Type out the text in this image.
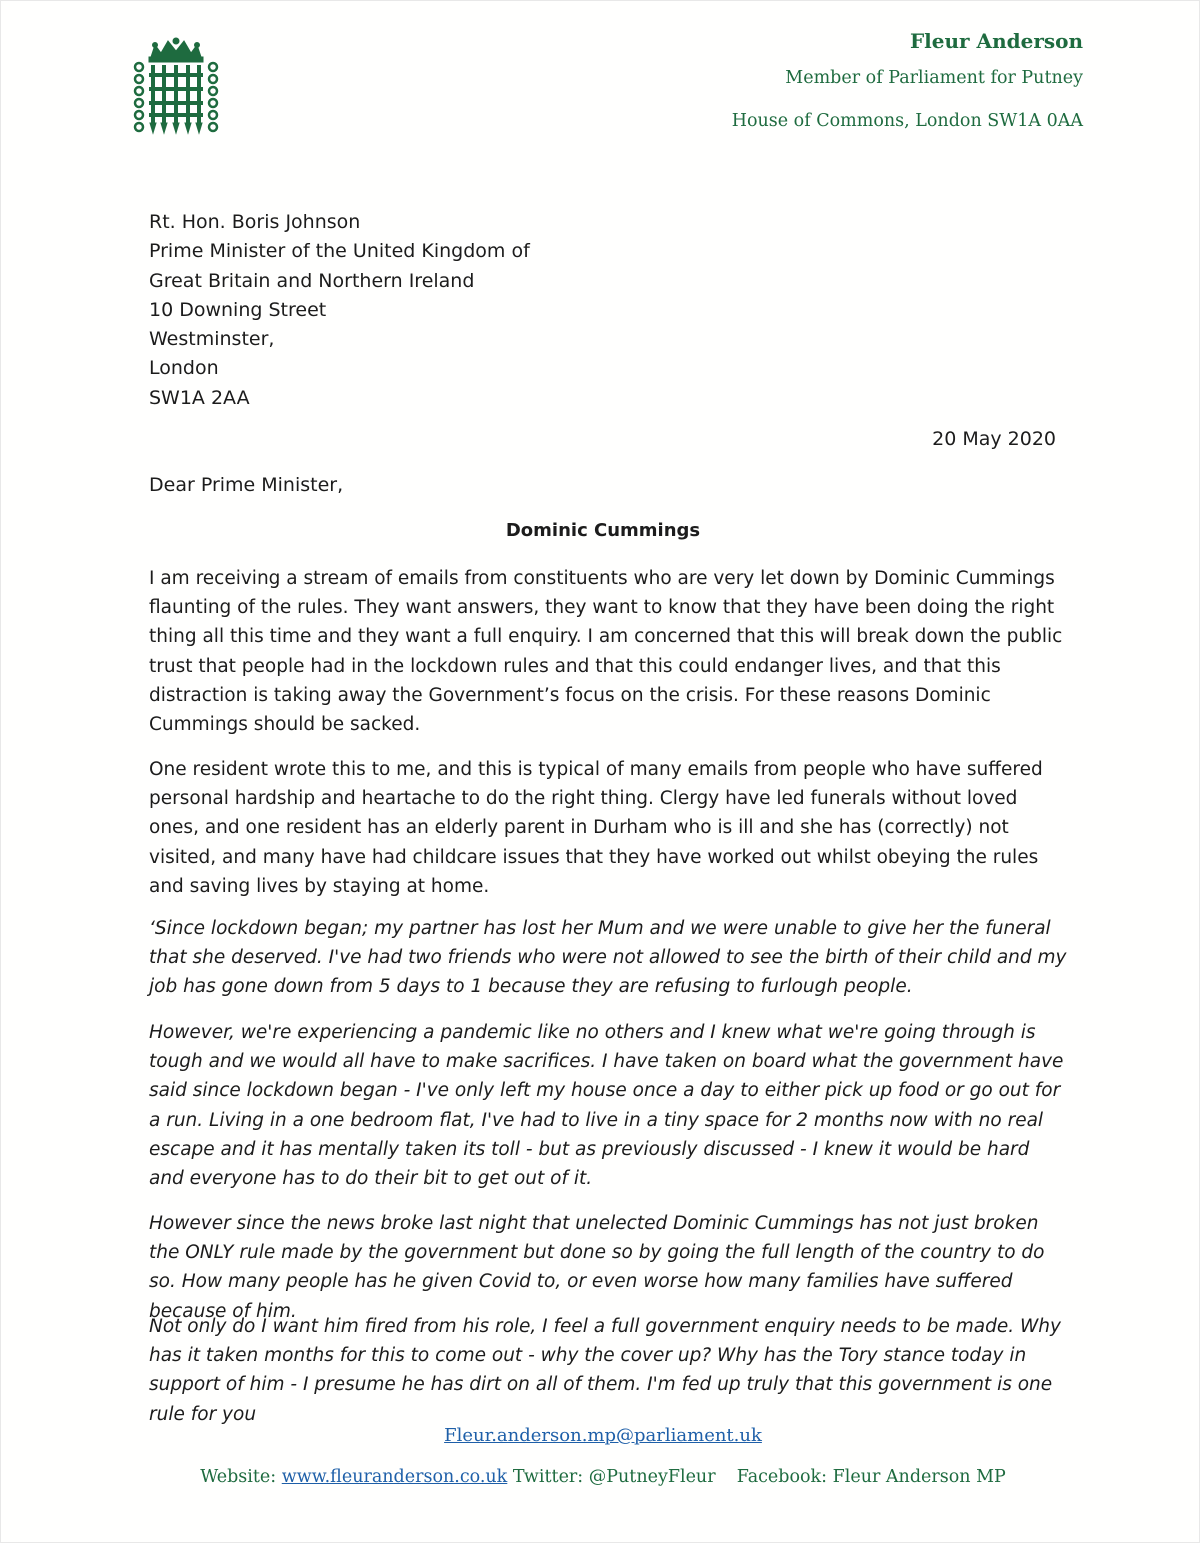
Fleur Anderson
Member of Parliament for Putney
House of Commons, London SW1A 0AA
Rt. Hon. Boris Johnson
Prime Minister of the United Kingdom of
Great Britain and Northern Ireland
10 Downing Street
Westminster,
London
SW1A 2AA
20 May 2020
Dear Prime Minister,
Dominic Cummings

I am receiving a stream of emails from constituents who are very let down by Dominic Cummings flaunting of the rules. They want answers, they want to know that they have been doing the right thing all this time and they want a full enquiry. I am concerned that this will break down the public trust that people had in the lockdown rules and that this could endanger lives, and that this distraction is taking away the Government’s focus on the crisis. For these reasons Dominic Cummings should be sacked.

One resident wrote this to me, and this is typical of many emails from people who have suffered personal hardship and heartache to do the right thing. Clergy have led funerals without loved ones, and one resident has an elderly parent in Durham who is ill and she has (correctly) not visited, and many have had childcare issues that they have worked out whilst obeying the rules and saving lives by staying at home.

‘Since lockdown began; my partner has lost her Mum and we were unable to give her the funeral that she deserved. I've had two friends who were not allowed to see the birth of their child and my job has gone down from 5 days to 1 because they are refusing to furlough people.

However, we're experiencing a pandemic like no others and I knew what we're going through is tough and we would all have to make sacrifices. I have taken on board what the government have said since lockdown began - I've only left my house once a day to either pick up food or go out for a run. Living in a one bedroom flat, I've had to live in a tiny space for 2 months now with no real escape and it has mentally taken its toll - but as previously discussed - I knew it would be hard and everyone has to do their bit to get out of it.

However since the news broke last night that unelected Dominic Cummings has not just broken the ONLY rule made by the government but done so by going the full length of the country to do so. How many people has he given Covid to, or even worse how many families have suffered because of him.

Not only do I want him fired from his role, I feel a full government enquiry needs to be made. Why has it taken months for this to come out - why the cover up? Why has the Tory stance today in support of him - I presume he has dirt on all of them. I'm fed up truly that this government is one rule for you

Fleur.anderson.mp@parliament.uk
Website: www.fleuranderson.co.uk Twitter: @PutneyFleur Facebook: Fleur Anderson MP
